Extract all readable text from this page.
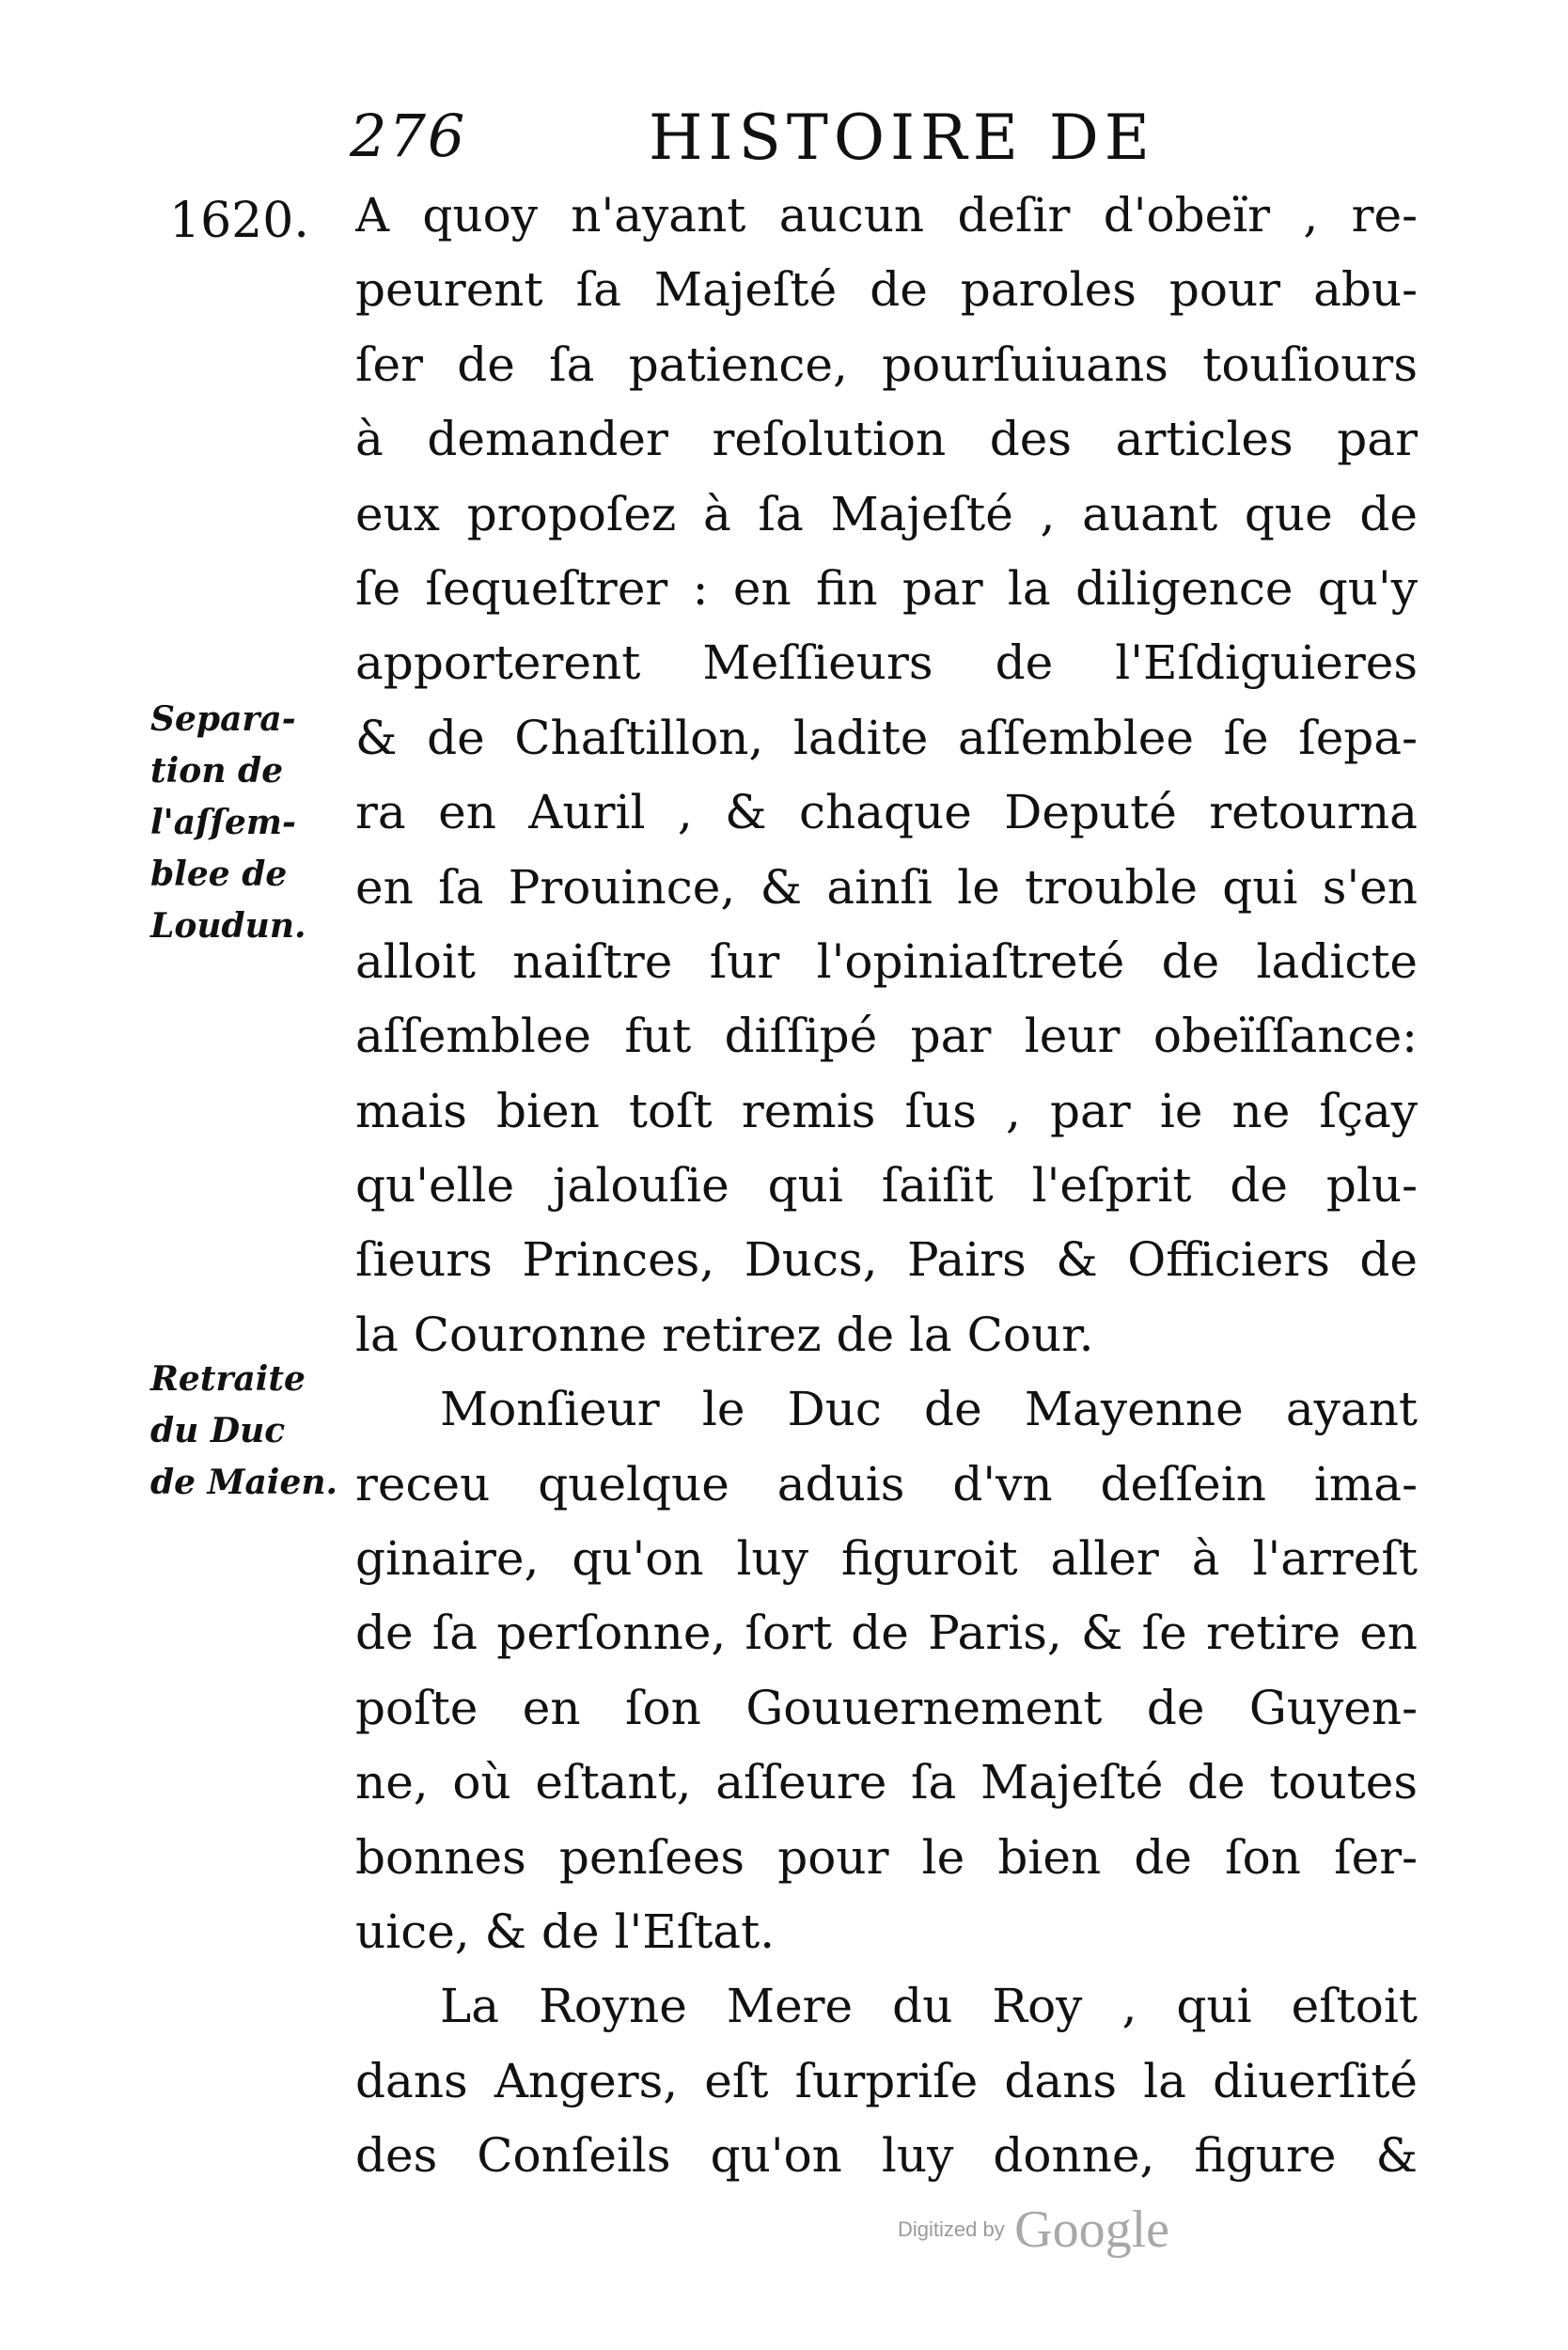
276	HISTOIRE DE
1620. A quoy n'ayant aucun deſir d'obeïr , re-
peurent ſa Majeſté de paroles pour abu-
ſer de ſa patience, pourſuiuans touſiours
à demander reſolution des articles par
eux propoſez à ſa Majeſté , auant que de
ſe ſequeſtrer : en fin par la diligence qu'y
apporterent Meſſieurs de l'Eſdiguieres
& de Chaſtillon, ladite aſſemblee ſe ſepa-
ra en Auril , & chaque Deputé retourna
en ſa Prouince, & ainſi le trouble qui s'en
alloit naiſtre ſur l'opiniaſtreté de ladicte
aſſemblee fut diſſipé par leur obeïſſance:
mais bien toſt remis ſus , par ie ne ſçay
qu'elle jalouſie qui ſaiſit l'eſprit de plu-
ſieurs Princes, Ducs, Pairs & Officiers de
la Couronne retirez de la Cour.
Monſieur le Duc de Mayenne ayant
receu quelque aduis d'vn deſſein ima-
ginaire, qu'on luy figuroit aller à l'arreſt
de ſa perſonne, ſort de Paris, & ſe retire en
poſte en ſon Gouuernement de Guyen-
ne, où eſtant, aſſeure ſa Majeſté de toutes
bonnes penſees pour le bien de ſon ſer-
uice, & de l'Eſtat.
La Royne Mere du Roy , qui eſtoit
dans Angers, eſt ſurpriſe dans la diuerſité
des Conſeils qu'on luy donne, figure &
Separa-
tion de
l'aſſem-
blee de
Loudun.
Retraite
du Duc
de Maien.
Digitized by Google
